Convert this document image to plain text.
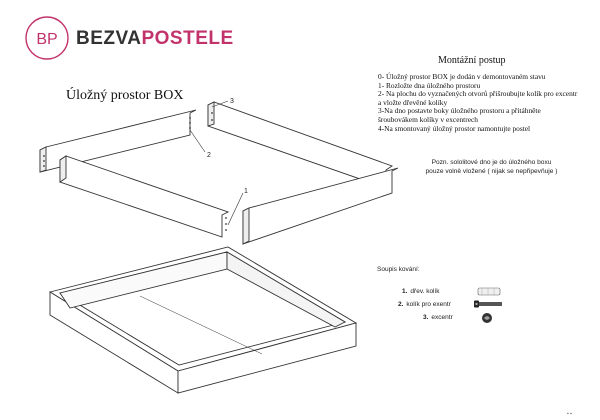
1
2
3
▪ ▪
BP BEZVAPOSTELE
Úložný prostor BOX
Montážní postup

0- Úložný prostor BOX je dodán v demontovaném stavu

1- Rozložte dna úložného prostoru

2- Na plochu do vyznačených otvorů přišroubujte kolík pro excentr a vložte dřevěné kolíky

3-Na dno postavte boky úložného prostoru a přitáhněte šroubovákem kolíky v excentrech

4-Na smontovaný úložný prostor namontujte postel

Pozn. sololitové dno je do úložného boxu
pouze volně vložené ( nijak se nepřipevňuje )
Soupis kování:
1. dřev. kolík
2. kolík pro exentr
3. excentr
